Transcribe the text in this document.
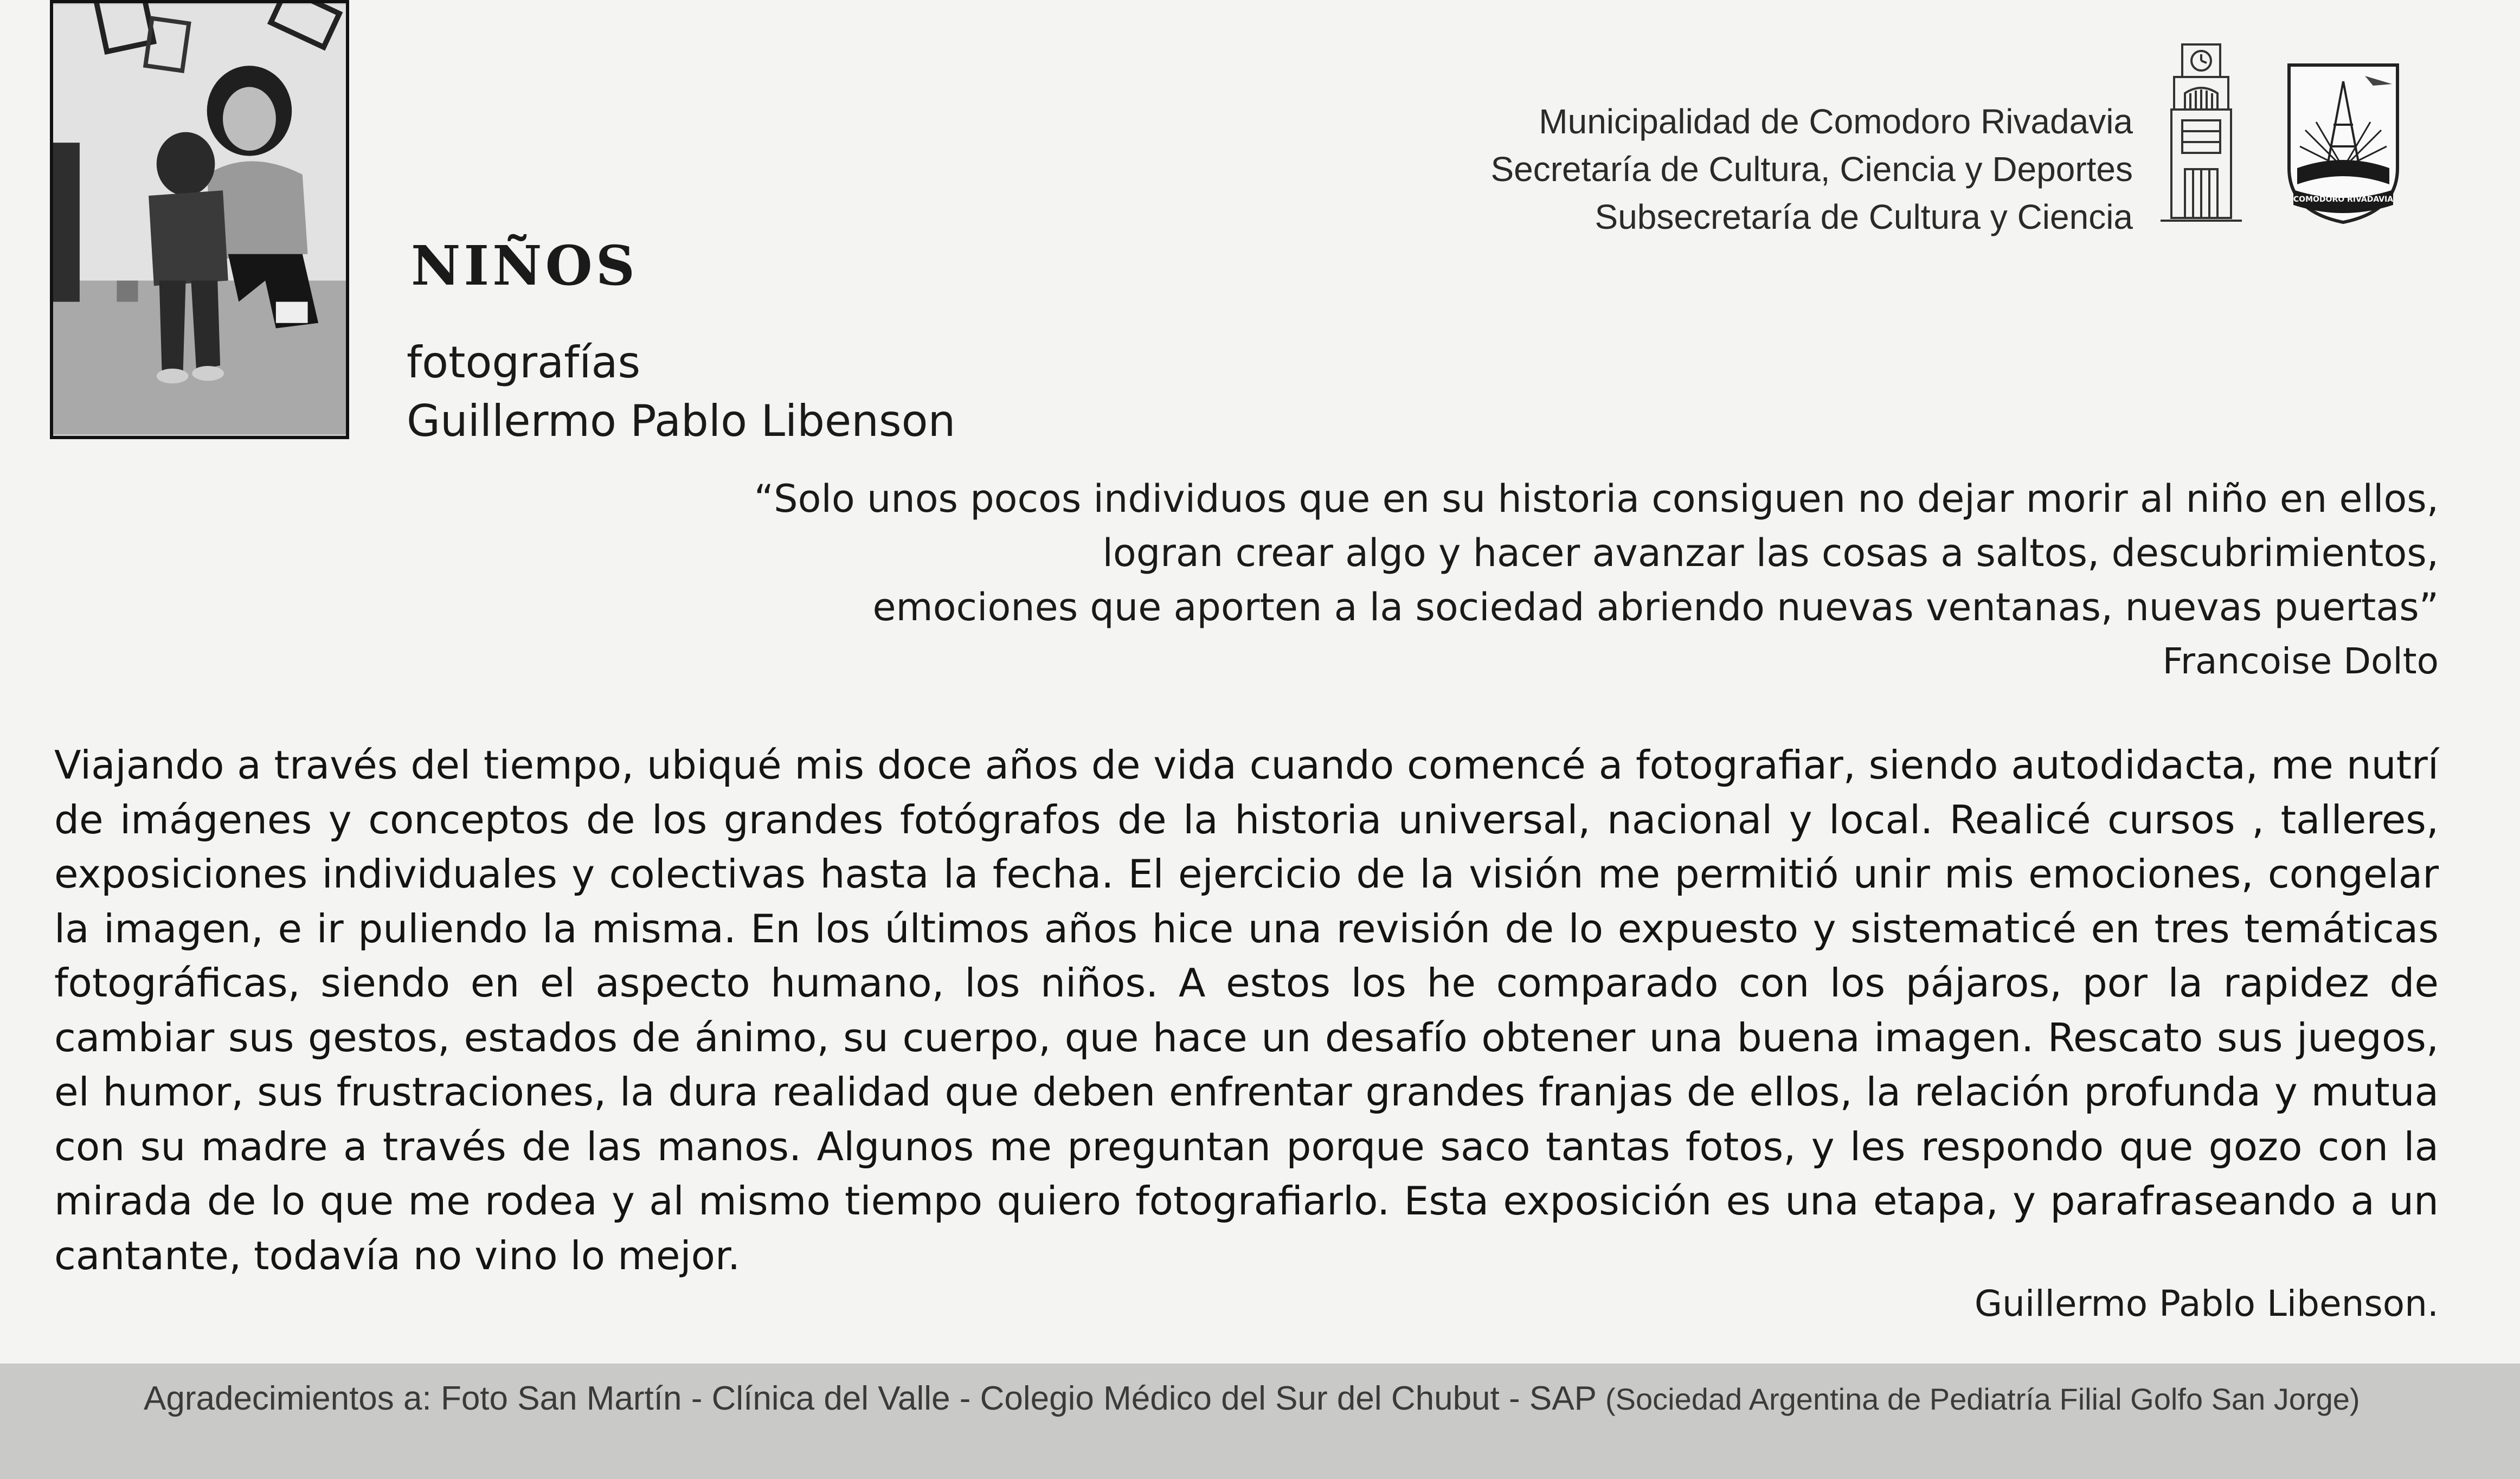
NIÑOS
fotografías
Guillermo Pablo Libenson
Municipalidad de Comodoro Rivadavia
Secretaría de Cultura, Ciencia y Deportes
Subsecretaría de Cultura y Ciencia	COMODORO RIVADAVIA
“Solo unos pocos individuos que en su historia consiguen no dejar morir al niño en ellos,
logran crear algo y hacer avanzar las cosas a saltos, descubrimientos,
emociones que aporten a la sociedad abriendo nuevas ventanas, nuevas puertas”
Francoise Dolto

Viajando a través del tiempo, ubiqué mis doce años de vida cuando comencé a fotografiar, siendo autodidacta, me nutrí de imágenes y conceptos de los grandes fotógrafos de la historia universal, nacional y local. Realicé cursos , talleres, exposiciones individuales y colectivas hasta la fecha. El ejercicio de la visión me permitió unir mis emociones, congelar la imagen, e ir puliendo la misma. En los últimos años hice una revisión de lo expuesto y sistematicé en tres temáticas fotográficas, siendo en el aspecto humano, los niños. A estos los he comparado con los pájaros, por la rapidez de cambiar sus gestos, estados de ánimo, su cuerpo, que hace un desafío obtener una buena imagen. Rescato sus juegos, el humor, sus frustraciones, la dura realidad que deben enfrentar grandes franjas de ellos, la relación profunda y mutua con su madre a través de las manos. Algunos me preguntan porque saco tantas fotos, y les respondo que gozo con la mirada de lo que me rodea y al mismo tiempo quiero fotografiarlo. Esta exposición es una etapa, y parafraseando a un cantante, todavía no vino lo mejor.

Guillermo Pablo Libenson.
Agradecimientos a: Foto San Martín - Clínica del Valle - Colegio Médico del Sur del Chubut - SAP (Sociedad Argentina de Pediatría Filial Golfo San Jorge)
